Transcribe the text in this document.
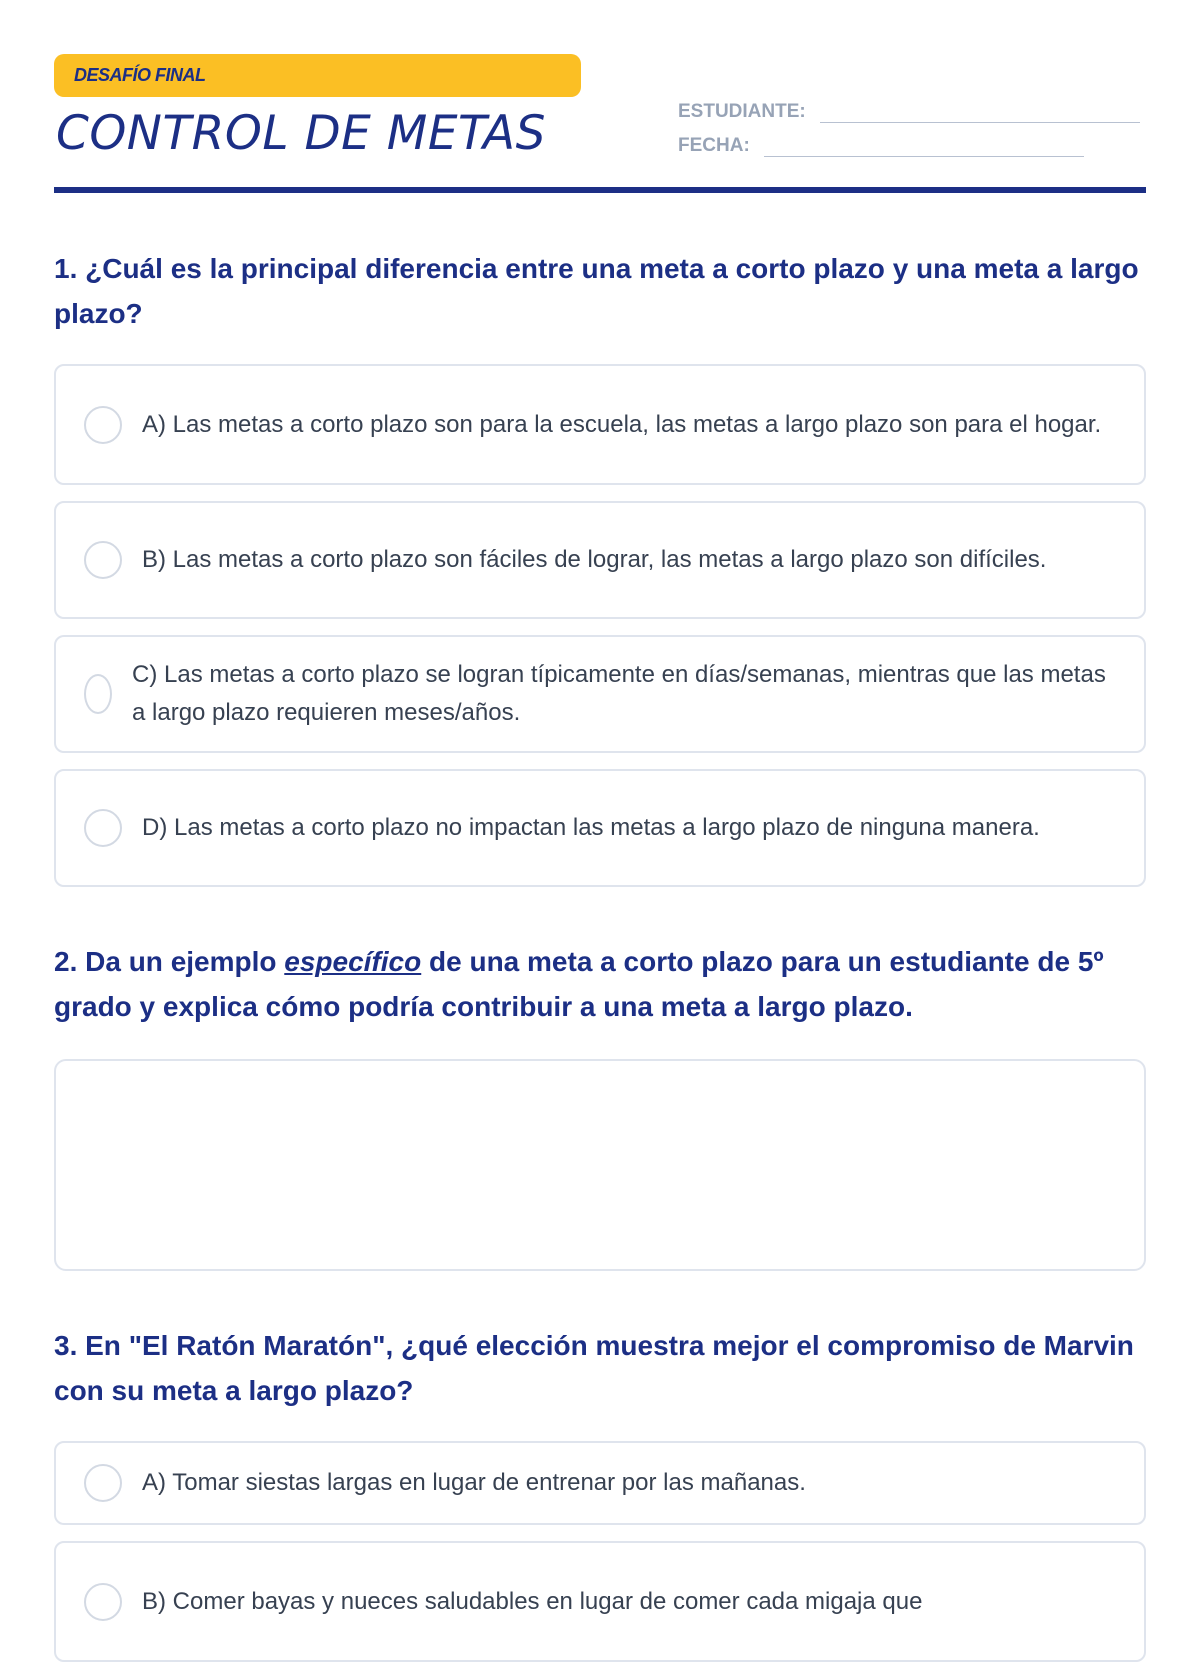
DESAFÍO FINAL
CONTROL DE METAS	ESTUDIANTE:
FECHA:
1. ¿Cuál es la principal diferencia entre una meta a corto plazo y una meta a largo plazo?
A) Las metas a corto plazo son para la escuela, las metas a largo plazo son para el hogar.
B) Las metas a corto plazo son fáciles de lograr, las metas a largo plazo son difíciles.
C) Las metas a corto plazo se logran típicamente en días/semanas, mientras que las metas a largo plazo requieren meses/años.
D) Las metas a corto plazo no impactan las metas a largo plazo de ninguna manera.
2. Da un ejemplo específico de una meta a corto plazo para un estudiante de 5º grado y explica cómo podría contribuir a una meta a largo plazo.
3. En "El Ratón Maratón", ¿qué elección muestra mejor el compromiso de Marvin con su meta a largo plazo?
A) Tomar siestas largas en lugar de entrenar por las mañanas.
B) Comer bayas y nueces saludables en lugar de comer cada migaja que
